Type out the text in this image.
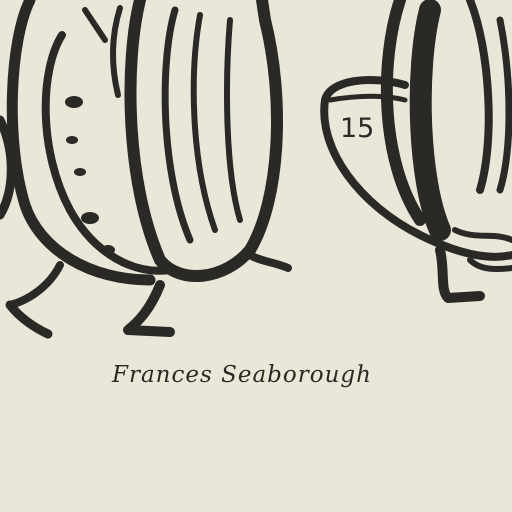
15
Frances Seaborough
